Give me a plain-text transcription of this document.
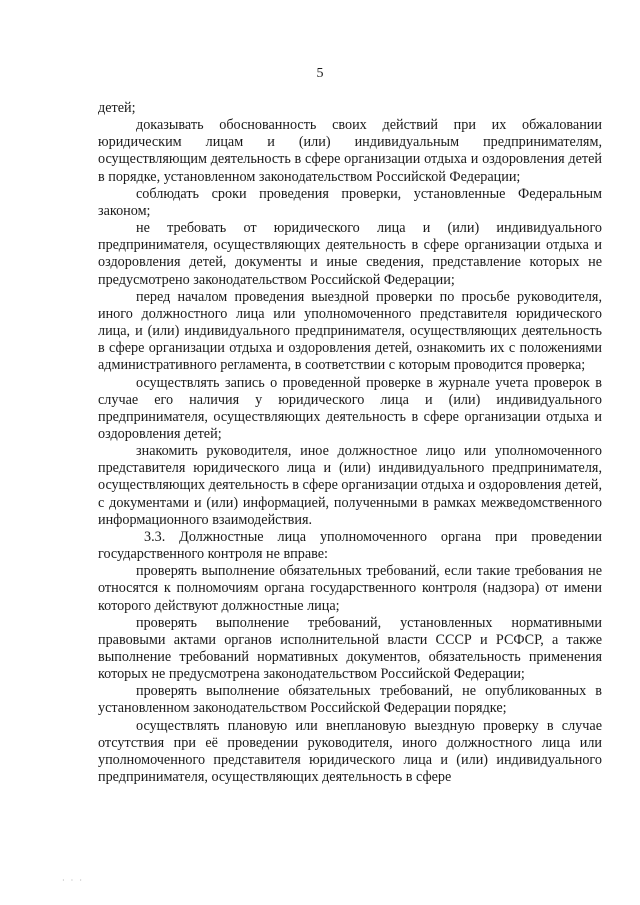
5

детей;

доказывать обоснованность своих действий при их обжаловании юридическим лицам и (или) индивидуальным предпринимателям, осуществляющим деятельность в сфере организации отдыха и оздоровления детей в порядке, установленном законодательством Российской Федерации;

соблюдать сроки проведения проверки, установленные Федеральным законом;

не требовать от юридического лица и (или) индивидуального предпринимателя, осуществляющих деятельность в сфере организации отдыха и оздоровления детей, документы и иные сведения, представление которых не предусмотрено законодательством Российской Федерации;

перед началом проведения выездной проверки по просьбе руководителя, иного должностного лица или уполномоченного представителя юридического лица, и (или) индивидуального предпринимателя, осуществляющих деятельность в сфере организации отдыха и оздоровления детей, ознакомить их с положениями административного регламента, в соответствии с которым проводится проверка;

осуществлять запись о проведенной проверке в журнале учета проверок в случае его наличия у юридического лица и (или) индивидуального предпринимателя, осуществляющих деятельность в сфере организации отдыха и оздоровления детей;

знакомить руководителя, иное должностное лицо или уполномоченного представителя юридического лица и (или) индивидуального предпринимателя, осуществляющих деятельность в сфере организации отдыха и оздоровления детей, с документами и (или) информацией, полученными в рамках межведомственного информационного взаимодействия.

3.3. Должностные лица уполномоченного органа при проведении государственного контроля не вправе:

проверять выполнение обязательных требований, если такие требования не относятся к полномочиям органа государственного контроля (надзора) от имени которого действуют должностные лица;

проверять выполнение требований, установленных нормативными правовыми актами органов исполнительной власти СССР и РСФСР, а также выполнение требований нормативных документов, обязательность применения которых не предусмотрена законодательством Российской Федерации;

проверять выполнение обязательных требований, не опубликованных в установленном законодательством Российской Федерации порядке;

осуществлять плановую или внеплановую выездную проверку в случае отсутствия при её проведении руководителя, иного должностного лица или уполномоченного представителя юридического лица и (или) индивидуального предпринимателя, осуществляющих деятельность в сфере

· · ·
